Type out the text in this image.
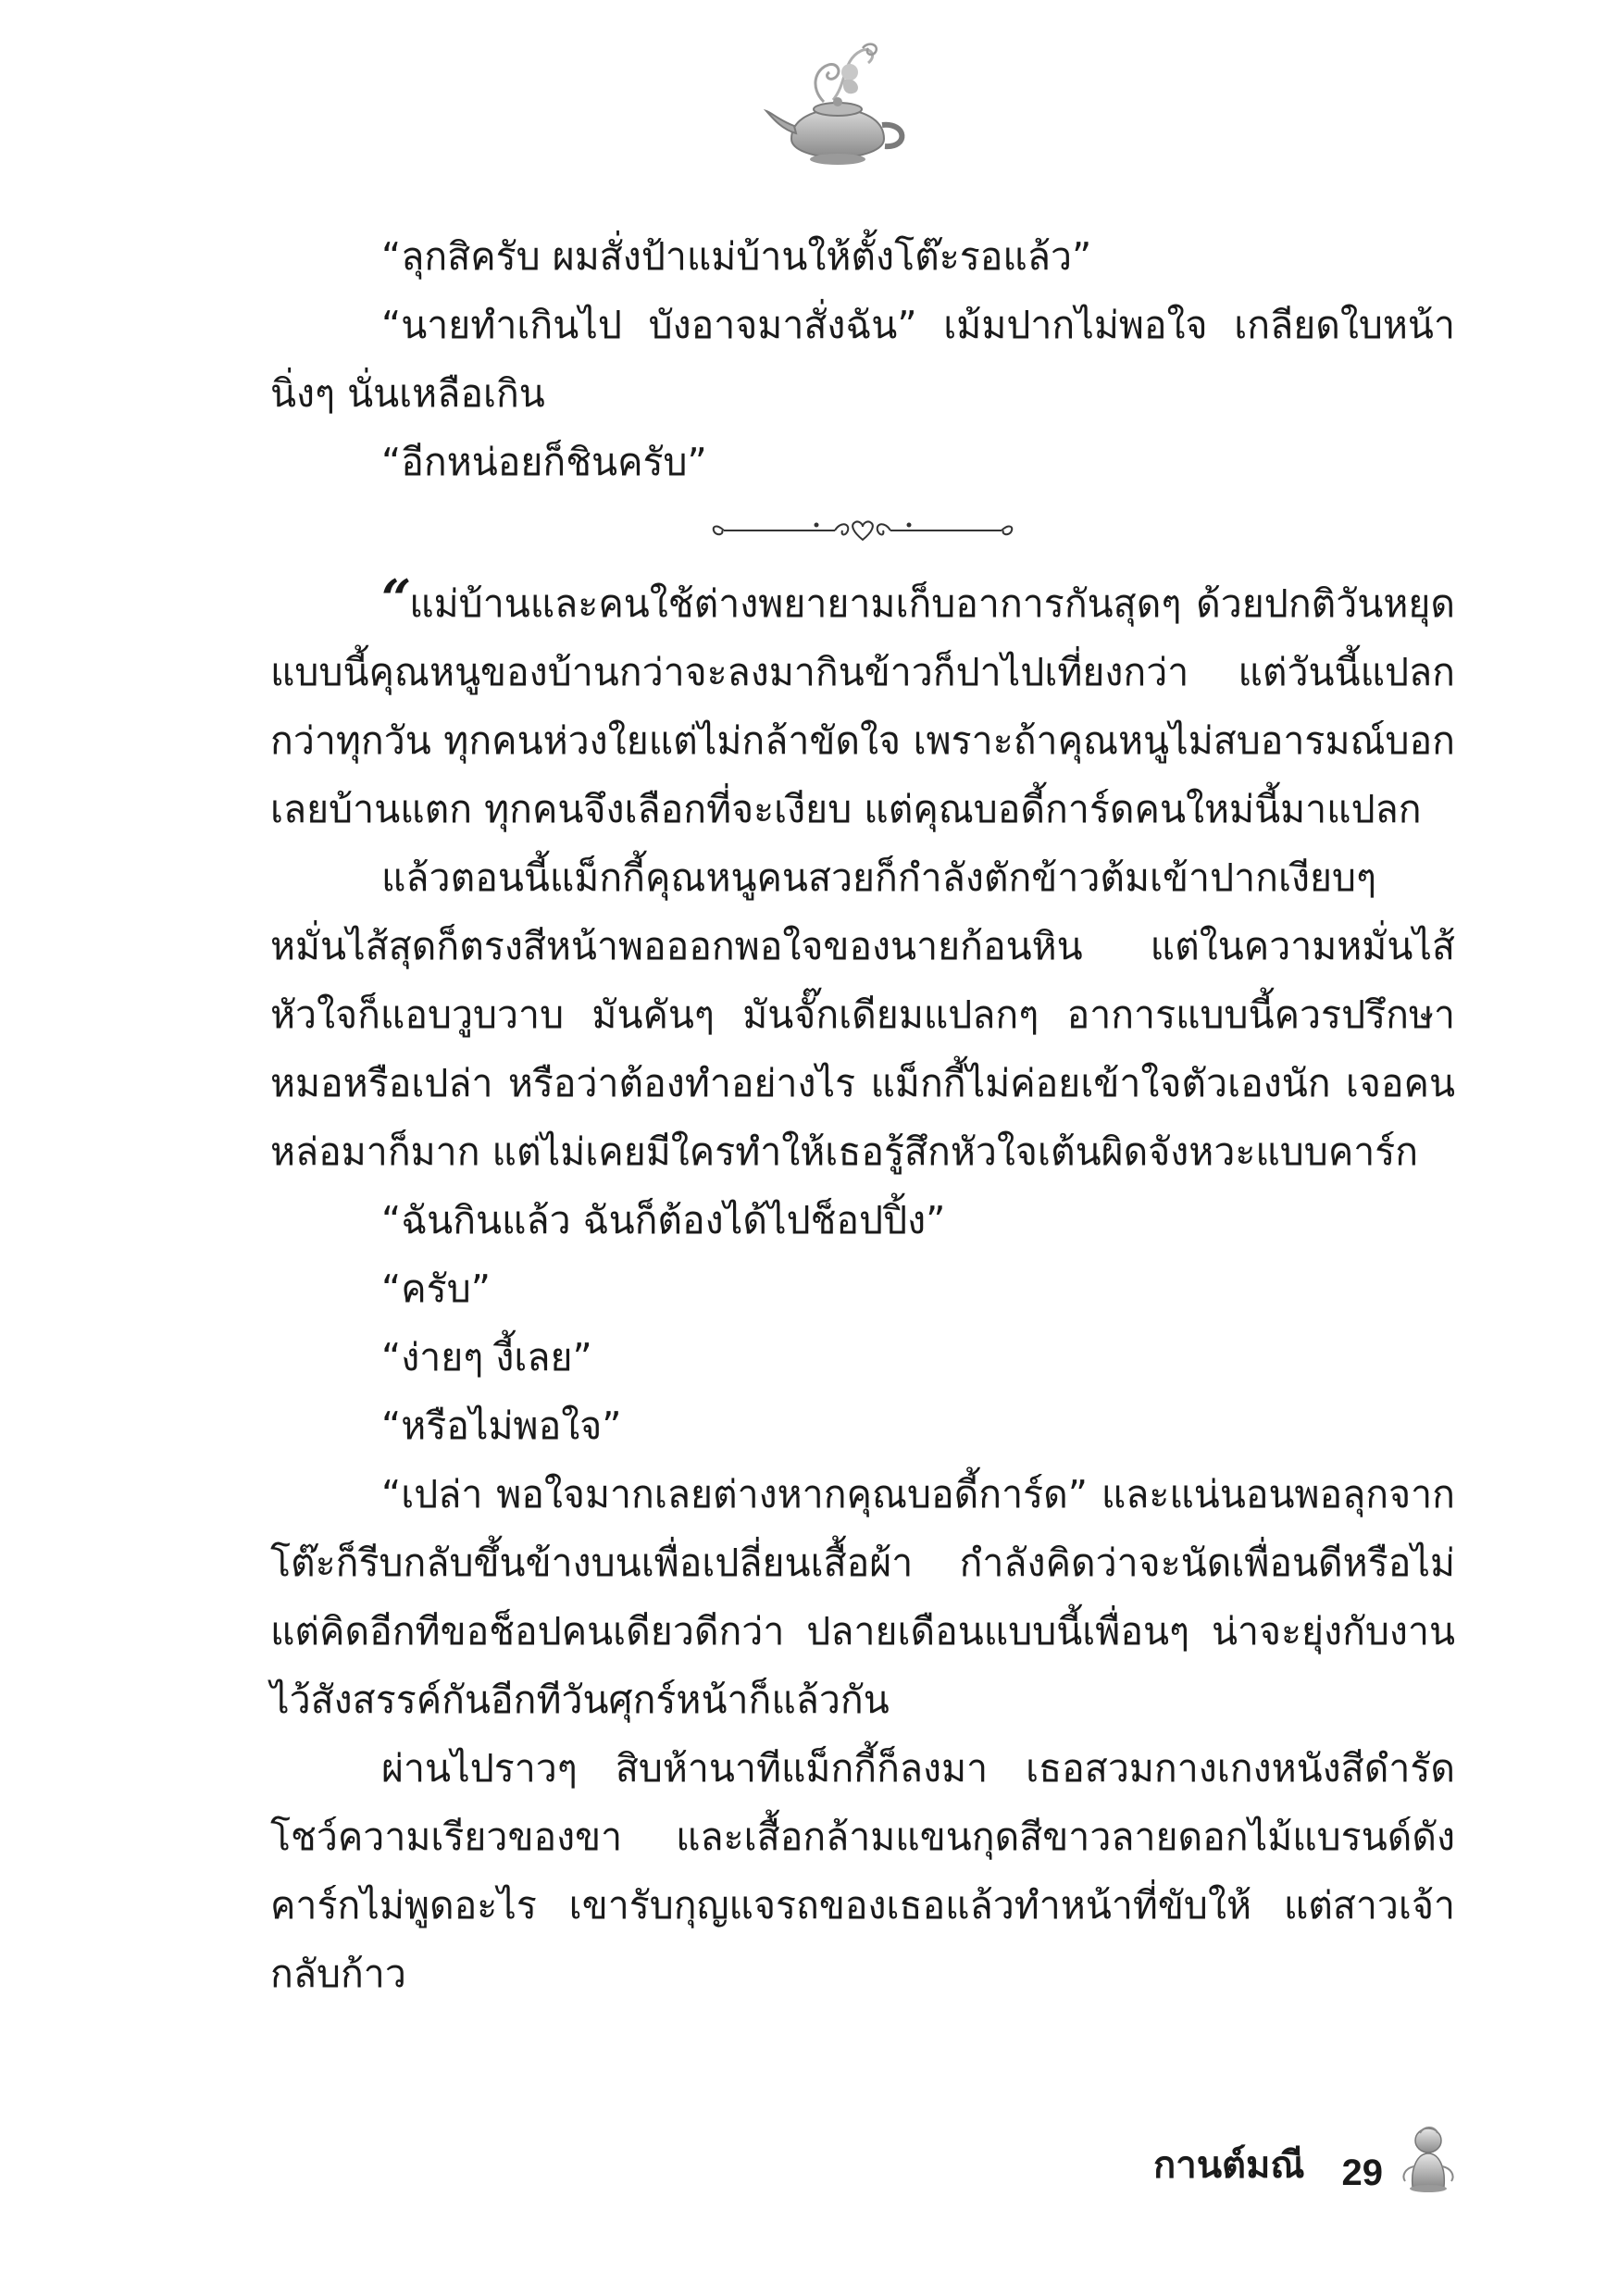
“ลุกสิครับ ผมสั่งป้าแม่บ้านให้ตั้งโต๊ะรอแล้ว”

“นายทำเกินไป บังอาจมาสั่งฉัน” เม้มปากไม่พอใจ เกลียดใบหน้านิ่งๆ นั่นเหลือเกิน

“อีกหน่อยก็ชินครับ”

“แม่บ้านและคนใช้ต่างพยายามเก็บอาการกันสุดๆ ด้วยปกติวันหยุดแบบนี้คุณหนูของบ้านกว่าจะลงมากินข้าวก็ปาไปเที่ยงกว่า แต่วันนี้แปลกกว่าทุกวัน ทุกคนห่วงใยแต่ไม่กล้าขัดใจ เพราะถ้าคุณหนูไม่สบอารมณ์บอกเลยบ้านแตก ทุกคนจึงเลือกที่จะเงียบ แต่คุณบอดี้การ์ดคนใหม่นี้มาแปลก

แล้วตอนนี้แม็กกี้คุณหนูคนสวยก็กำลังตักข้าวต้มเข้าปากเงียบๆ หมั่นไส้สุดก็ตรงสีหน้าพอออกพอใจของนายก้อนหิน แต่ในความหมั่นไส้หัวใจก็แอบวูบวาบ มันคันๆ มันจั๊กเดียมแปลกๆ อาการแบบนี้ควรปรึกษาหมอหรือเปล่า หรือว่าต้องทำอย่างไร แม็กกี้ไม่ค่อยเข้าใจตัวเองนัก เจอคนหล่อมาก็มาก แต่ไม่เคยมีใครทำให้เธอรู้สึกหัวใจเต้นผิดจังหวะแบบคาร์ก

“ฉันกินแล้ว ฉันก็ต้องได้ไปช็อปปิ้ง”

“ครับ”

“ง่ายๆ งี้เลย”

“หรือไม่พอใจ”

“เปล่า พอใจมากเลยต่างหากคุณบอดี้การ์ด” และแน่นอนพอลุกจากโต๊ะก็รีบกลับขึ้นข้างบนเพื่อเปลี่ยนเสื้อผ้า กำลังคิดว่าจะนัดเพื่อนดีหรือไม่ แต่คิดอีกทีขอช็อปคนเดียวดีกว่า ปลายเดือนแบบนี้เพื่อนๆ น่าจะยุ่งกับงานไว้สังสรรค์กันอีกทีวันศุกร์หน้าก็แล้วกัน

ผ่านไปราวๆ สิบห้านาทีแม็กกี้ก็ลงมา เธอสวมกางเกงหนังสีดำรัดโชว์ความเรียวของขา และเสื้อกล้ามแขนกุดสีขาวลายดอกไม้แบรนด์ดัง คาร์กไม่พูดอะไร เขารับกุญแจรถของเธอแล้วทำหน้าที่ขับให้ แต่สาวเจ้ากลับก้าว

กานต์มณี 29
